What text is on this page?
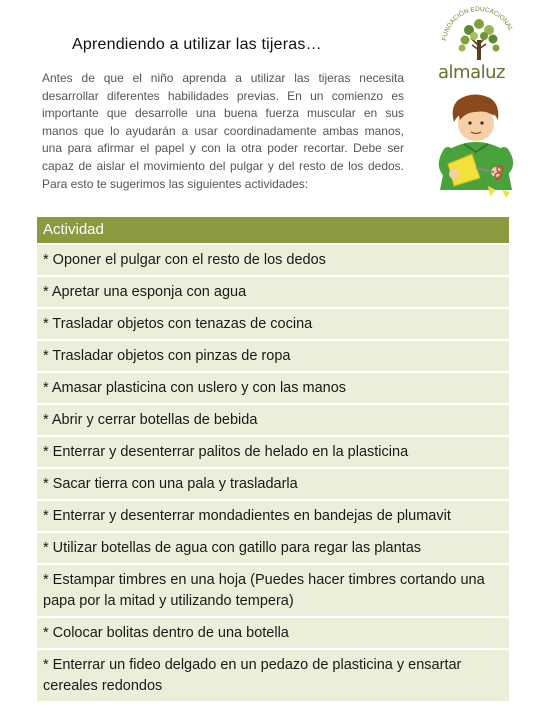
Aprendiendo a utilizar las tijeras…
Antes de que el niño aprenda a utilizar las tijeras necesita desarrollar diferentes habilidades previas. En un comienzo es importante que desarrolle una buena fuerza muscular en sus manos que lo ayudarán a usar coordinadamente ambas manos, una para afirmar el papel y con la otra poder recortar. Debe ser capaz de aislar el movimiento del pulgar y del resto de los dedos. Para esto te sugerimos las siguientes actividades:
FUNDACIÓN EDUCACIONAL
almaluz
Actividad
* Oponer el pulgar con el resto de los dedos
* Apretar una esponja con agua
* Trasladar objetos con tenazas de cocina
* Trasladar objetos con pinzas de ropa
* Amasar plasticina con uslero y con las manos
* Abrir y cerrar botellas de bebida
* Enterrar y desenterrar palitos de helado en la plasticina
* Sacar tierra con una pala y trasladarla
* Enterrar y desenterrar mondadientes en bandejas de plumavit
* Utilizar botellas de agua con gatillo para regar las plantas
* Estampar timbres en una hoja (Puedes hacer timbres cortando una papa por la mitad y utilizando tempera)
* Colocar bolitas dentro de una botella
* Enterrar un fideo delgado en un pedazo de plasticina y ensartar cereales redondos
